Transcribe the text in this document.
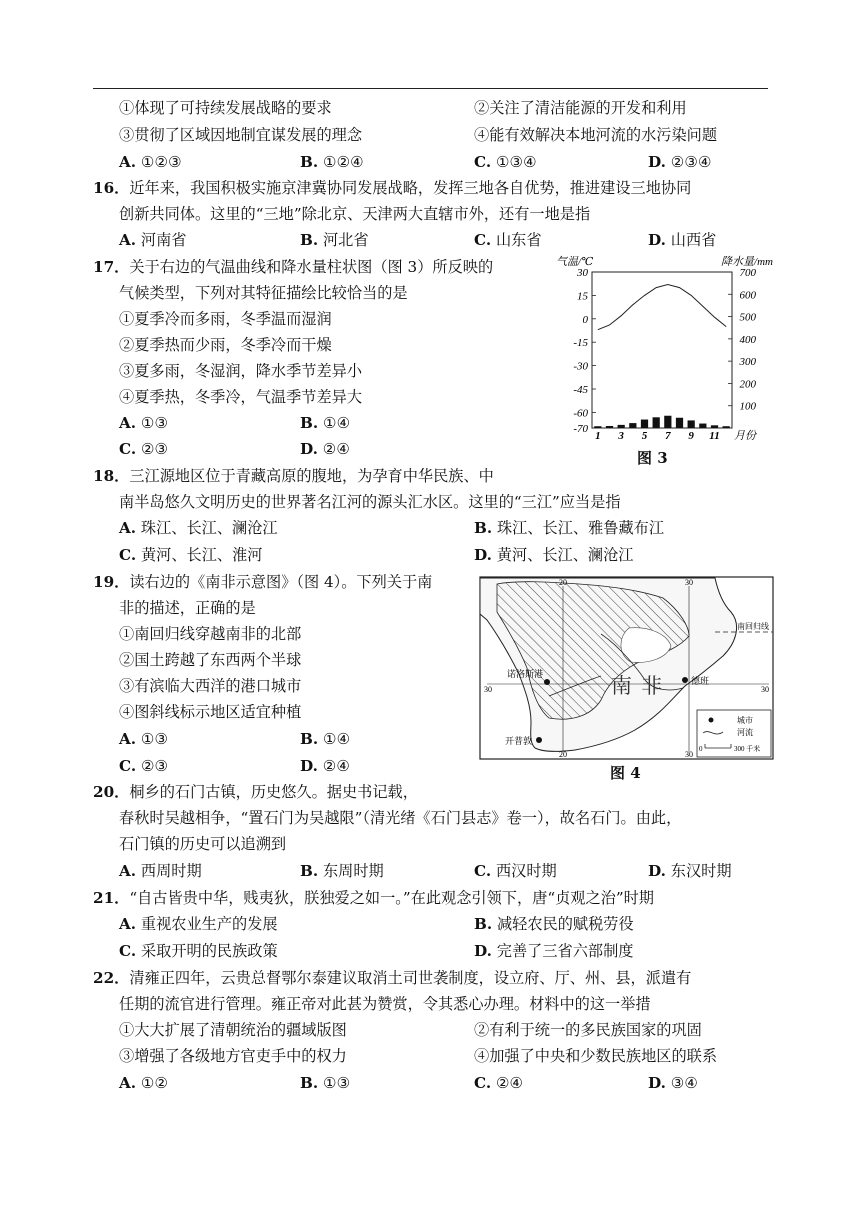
①体现了可持续发展战略的要求	②关注了清洁能源的开发和利用
③贯彻了区域因地制宜谋发展的理念	④能有效解决本地河流的水污染问题
A. ①②③	B. ①②④	C. ①③④	D. ②③④
16．近年来，我国积极实施京津冀协同发展战略，发挥三地各自优势，推进建设三地协同
创新共同体。这里的“三地”除北京、天津两大直辖市外，还有一地是指
A. 河南省	B. 河北省	C. 山东省	D. 山西省
17．关于右边的气温曲线和降水量柱状图（图 3）所反映的
气候类型，下列对其特征描绘比较恰当的是
①夏季冷而多雨，冬季温而湿润
②夏季热而少雨，冬季冷而干燥
③夏多雨，冬湿润，降水季节差异小
④夏季热，冬季冷，气温季节差异大
A. ①③	B. ①④
C. ②③	D. ②④
气温/℃	降水量/mm
30
15
0
-15
-30
-45
-60
-70
700
600
500
400
300
200
100
1 3 5 7 9 11 月份
图 3
18．三江源地区位于青藏高原的腹地，为孕育中华民族、中
南半岛悠久文明历史的世界著名江河的源头汇水区。这里的“三江”应当是指
A. 珠江、长江、澜沧江	B. 珠江、长江、雅鲁藏布江
C. 黄河、长江、淮河	D. 黄河、长江、澜沧江
19．读右边的《南非示意图》（图 4）。下列关于南
非的描述，正确的是
①南回归线穿越南非的北部
②国土跨越了东西两个半球
③有滨临大西洋的港口城市
④图斜线标示地区适宜种植
A. ①③	B. ①④
C. ②③	D. ②④
20	30
20	30
30	30
南回归线
南 非
诺洛斯港
德班
开普敦
城市
河流
0	300 千米
图 4
20．桐乡的石门古镇，历史悠久。据史书记载，
春秋时吴越相争，“置石门为吴越限”（清光绪《石门县志》卷一），故名石门。由此，
石门镇的历史可以追溯到
A. 西周时期	B. 东周时期	C. 西汉时期	D. 东汉时期
21．“自古皆贵中华，贱夷狄，朕独爱之如一。”在此观念引领下，唐“贞观之治”时期
A. 重视农业生产的发展	B. 减轻农民的赋税劳役
C. 采取开明的民族政策	D. 完善了三省六部制度
22．清雍正四年，云贵总督鄂尔泰建议取消土司世袭制度，设立府、厅、州、县，派遣有
任期的流官进行管理。雍正帝对此甚为赞赏，令其悉心办理。材料中的这一举措
①大大扩展了清朝统治的疆域版图	②有利于统一的多民族国家的巩固
③增强了各级地方官吏手中的权力	④加强了中央和少数民族地区的联系
A. ①②	B. ①③	C. ②④	D. ③④
